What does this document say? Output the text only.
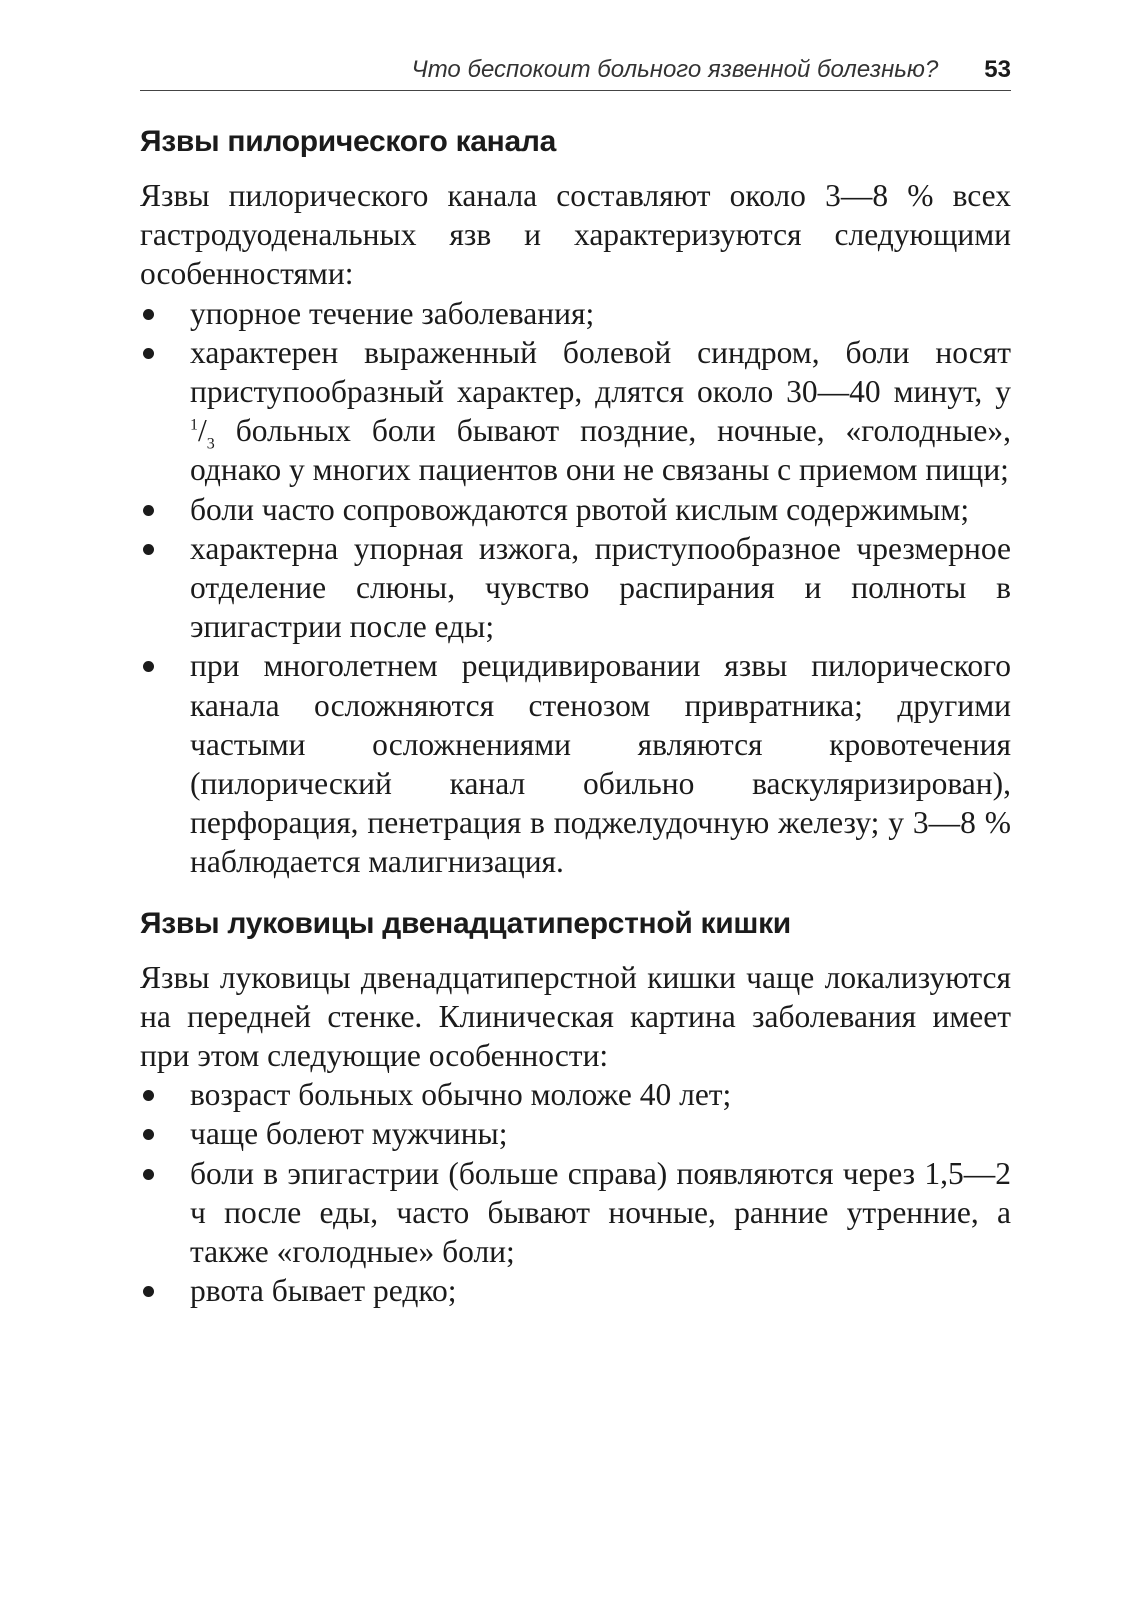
Что беспокоит больного язвенной болезнью? 53
Язвы пилорического канала

Язвы пилорического канала составляют около 3—8 % всех гастродуоденальных язв и характеризуются следующими особенностями:

упорное течение заболевания;
характерен выраженный болевой синдром, боли носят приступообразный характер, длятся около 30—40 минут, у $^1/_3$ больных боли бывают поздние, ночные, «голодные», однако у многих пациентов они не связаны с приемом пищи;
боли часто сопровождаются рвотой кислым содержимым;
характерна упорная изжога, приступообразное чрезмерное отделение слюны, чувство распирания и полноты в эпигастрии после еды;
при многолетнем рецидивировании язвы пилорического канала осложняются стенозом привратника; другими частыми осложнениями являются кровотечения (пилорический канал обильно васкуляризирован), перфорация, пенетрация в поджелудочную железу; у 3—8 % наблюдается малигнизация.
Язвы луковицы двенадцатиперстной кишки

Язвы луковицы двенадцатиперстной кишки чаще локализуются на передней стенке. Клиническая картина заболевания имеет при этом следующие особенности:

возраст больных обычно моложе 40 лет;
чаще болеют мужчины;
боли в эпигастрии (больше справа) появляются через 1,5—2 ч после еды, часто бывают ночные, ранние утренние, а также «голодные» боли;
рвота бывает редко;
